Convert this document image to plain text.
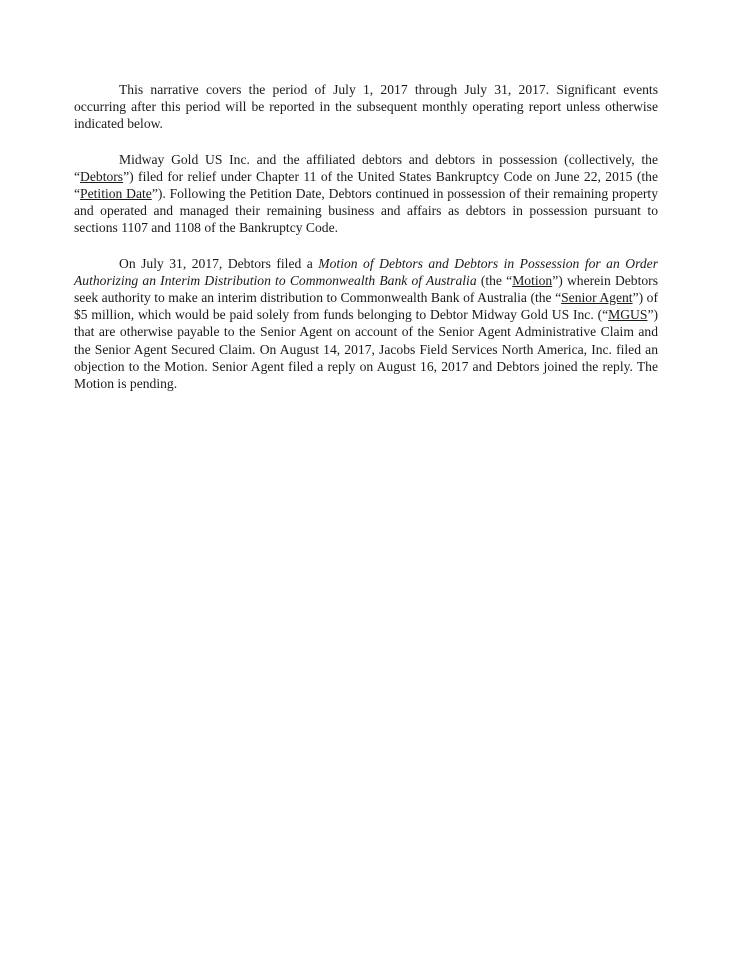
This narrative covers the period of July 1, 2017 through July 31, 2017. Significant events occurring after this period will be reported in the subsequent monthly operating report unless otherwise indicated below.

Midway Gold US Inc. and the affiliated debtors and debtors in possession (collectively, the “Debtors”) filed for relief under Chapter 11 of the United States Bankruptcy Code on June 22, 2015 (the “Petition Date”). Following the Petition Date, Debtors continued in possession of their remaining property and operated and managed their remaining business and affairs as debtors in possession pursuant to sections 1107 and 1108 of the Bankruptcy Code.

On July 31, 2017, Debtors filed a Motion of Debtors and Debtors in Possession for an Order Authorizing an Interim Distribution to Commonwealth Bank of Australia (the “Motion”) wherein Debtors seek authority to make an interim distribution to Commonwealth Bank of Australia (the “Senior Agent”) of $5 million, which would be paid solely from funds belonging to Debtor Midway Gold US Inc. (“MGUS”) that are otherwise payable to the Senior Agent on account of the Senior Agent Administrative Claim and the Senior Agent Secured Claim. On August 14, 2017, Jacobs Field Services North America, Inc. filed an objection to the Motion. Senior Agent filed a reply on August 16, 2017 and Debtors joined the reply. The Motion is pending.
